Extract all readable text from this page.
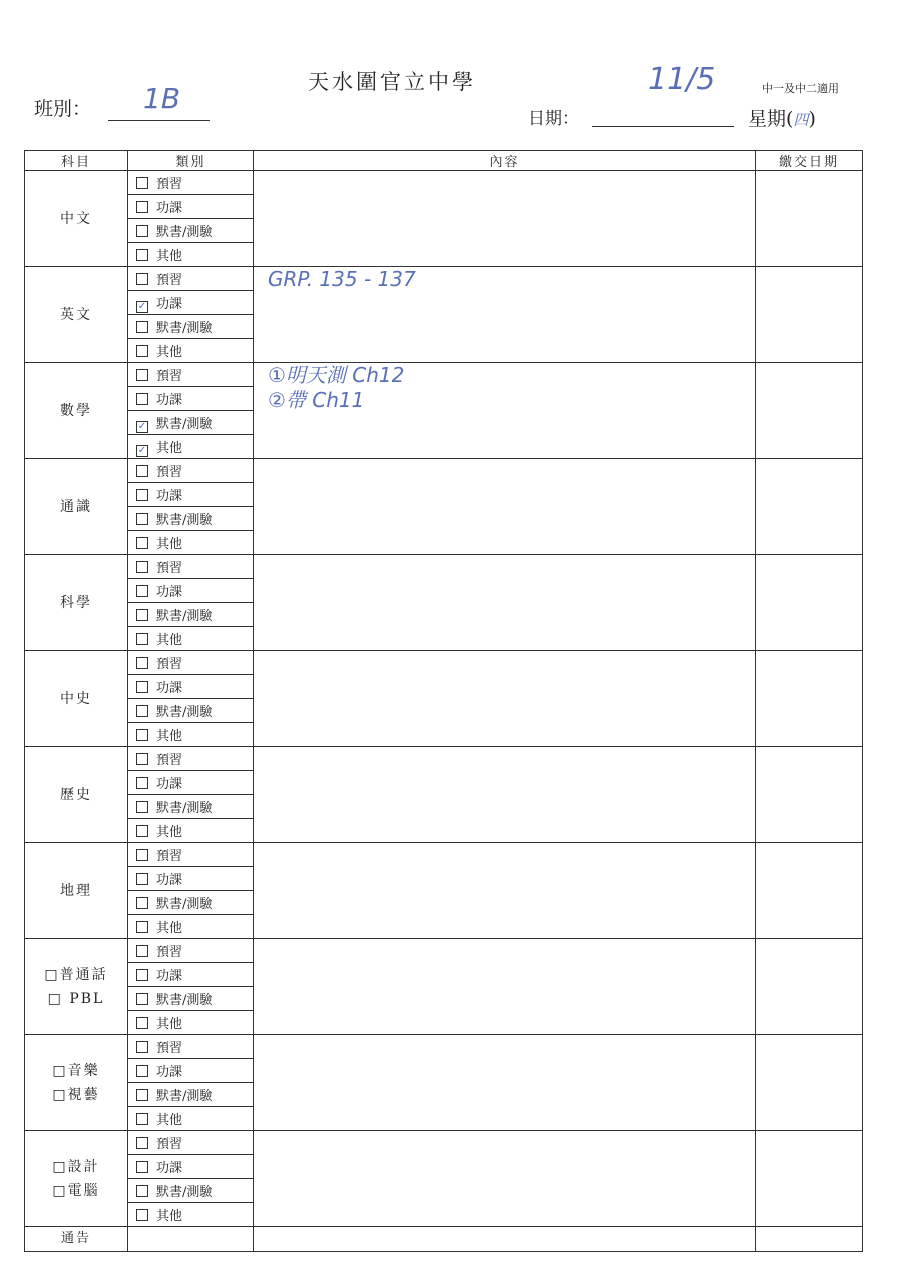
天水圍官立中學	中一及中二適用
班別： 1B
日期：
11/5
星期(四)
科目	類別	內容	繳交日期

中文	預習		
	功課		
	默書/測驗		
	其他		

英文	預習	GRP. 135 - 137	

	✓ 功課		
	默書/測驗		
	其他		

數學	預習	①明天測 Ch12
②帶 Ch11	

	功課		
	✓ 默書/測驗		
	✓ 其他		

通識	預習		
	功課		
	默書/測驗		
	其他		

科學	預習		
	功課		
	默書/測驗		
	其他		

中史	預習		
	功課		
	默書/測驗		
	其他		

歷史	預習		
	功課		
	默書/測驗		
	其他		

地理	預習		
	功課		
	默書/測驗		
	其他		

□普通話
□ PBL	預習		
	功課		
	默書/測驗		
	其他		

□音樂
□視藝	預習		
	功課		
	默書/測驗		
	其他		

□設計
□電腦	預習		
	功課		
	默書/測驗		
	其他		
通告			
